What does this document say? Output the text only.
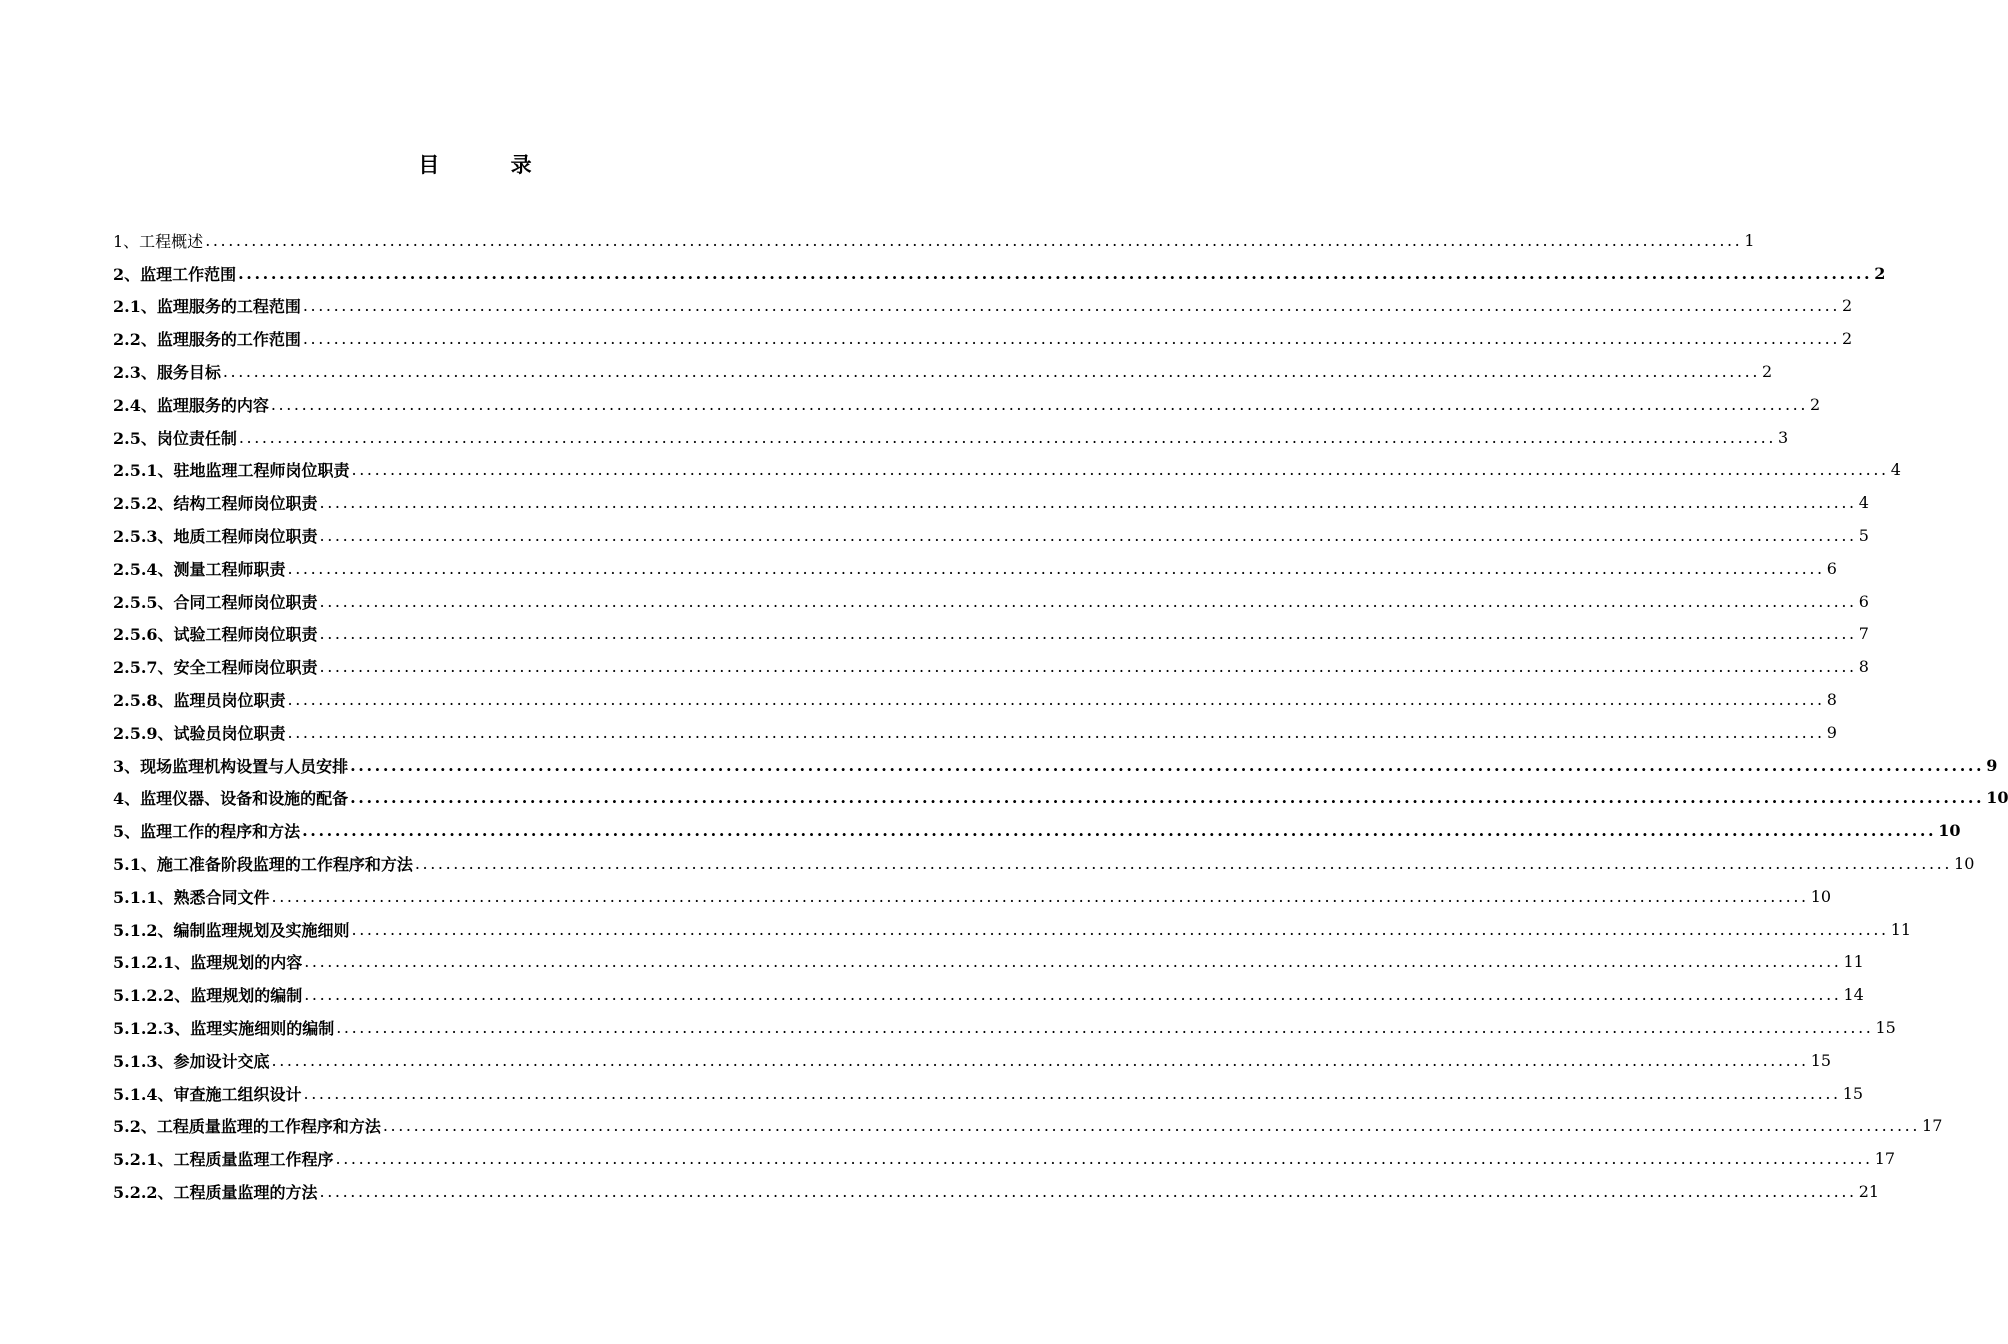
目 录
1、工程概述 ........................................................................................................................................................................................................ 1
2、监理工作范围 ........................................................................................................................................................................................................ 2
2.1、监理服务的工程范围 ........................................................................................................................................................................................................ 2
2.2、监理服务的工作范围 ........................................................................................................................................................................................................ 2
2.3、服务目标 ........................................................................................................................................................................................................ 2
2.4、监理服务的内容 ........................................................................................................................................................................................................ 2
2.5、岗位责任制 ........................................................................................................................................................................................................ 3
2.5.1、驻地监理工程师岗位职责 ........................................................................................................................................................................................................ 4
2.5.2、结构工程师岗位职责 ........................................................................................................................................................................................................ 4
2.5.3、地质工程师岗位职责 ........................................................................................................................................................................................................ 5
2.5.4、测量工程师职责 ........................................................................................................................................................................................................ 6
2.5.5、合同工程师岗位职责 ........................................................................................................................................................................................................ 6
2.5.6、试验工程师岗位职责 ........................................................................................................................................................................................................ 7
2.5.7、安全工程师岗位职责 ........................................................................................................................................................................................................ 8
2.5.8、监理员岗位职责 ........................................................................................................................................................................................................ 8
2.5.9、试验员岗位职责 ........................................................................................................................................................................................................ 9
3、现场监理机构设置与人员安排 ........................................................................................................................................................................................................ 9
4、监理仪器、设备和设施的配备 ........................................................................................................................................................................................................ 10
5、监理工作的程序和方法 ........................................................................................................................................................................................................ 10
5.1、施工准备阶段监理的工作程序和方法 ........................................................................................................................................................................................................ 10
5.1.1、熟悉合同文件 ........................................................................................................................................................................................................ 10
5.1.2、编制监理规划及实施细则 ........................................................................................................................................................................................................ 11
5.1.2.1、监理规划的内容 ........................................................................................................................................................................................................ 11
5.1.2.2、监理规划的编制 ........................................................................................................................................................................................................ 14
5.1.2.3、监理实施细则的编制 ........................................................................................................................................................................................................ 15
5.1.3、参加设计交底 ........................................................................................................................................................................................................ 15
5.1.4、审查施工组织设计 ........................................................................................................................................................................................................ 15
5.2、工程质量监理的工作程序和方法 ........................................................................................................................................................................................................ 17
5.2.1、工程质量监理工作程序 ........................................................................................................................................................................................................ 17
5.2.2、工程质量监理的方法 ........................................................................................................................................................................................................ 21
